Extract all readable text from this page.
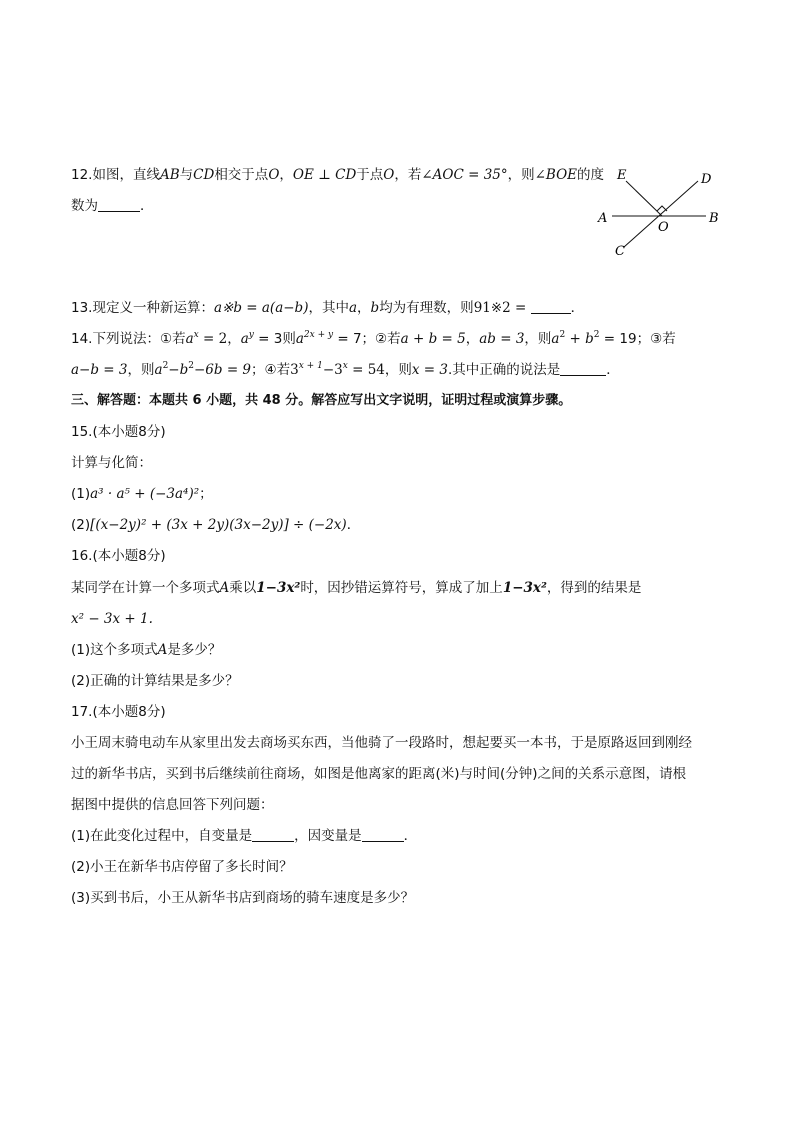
12.如图，直线AB与CD相交于点O，OE ⊥ CD于点O，若∠AOC = 35°，则∠BOE的度
数为	．
E	D
A	B
O
C
13.现定义一种新运算：a※b = a(a−b)，其中a，b均为有理数，则91※2 =	．
14.下列说法：①若$a^x = 2$，$a^y = 3$则$a^{2x + y} = 7$；②若a + b = 5，ab = 3，则$a^2 + b^2 = 19$；③若
a−b = 3，则$a^2-b^2-6b = 9$；④若$3^{x + 1}-3^x = 54$，则x = 3.其中正确的说法是	．
三、解答题：本题共 6 小题，共 48 分。解答应写出文字说明，证明过程或演算步骤。
15.(本小题8分)
计算与化简：
(1)a³ · a⁵ + (−3a⁴)²；
(2)[(x−2y)² + (3x + 2y)(3x−2y)] ÷ (−2x)．
16.(本小题8分)
某同学在计算一个多项式A乘以1−3x²时，因抄错运算符号，算成了加上1−3x²，得到的结果是
x² − 3x + 1.
(1)这个多项式A是多少？
(2)正确的计算结果是多少？
17.(本小题8分)
小王周末骑电动车从家里出发去商场买东西，当他骑了一段路时，想起要买一本书，于是原路返回到刚经
过的新华书店，买到书后继续前往商场，如图是他离家的距离(米)与时间(分钟)之间的关系示意图，请根
据图中提供的信息回答下列问题：
(1)在此变化过程中，自变量是	，因变量是	．
(2)小王在新华书店停留了多长时间？
(3)买到书后，小王从新华书店到商场的骑车速度是多少？
